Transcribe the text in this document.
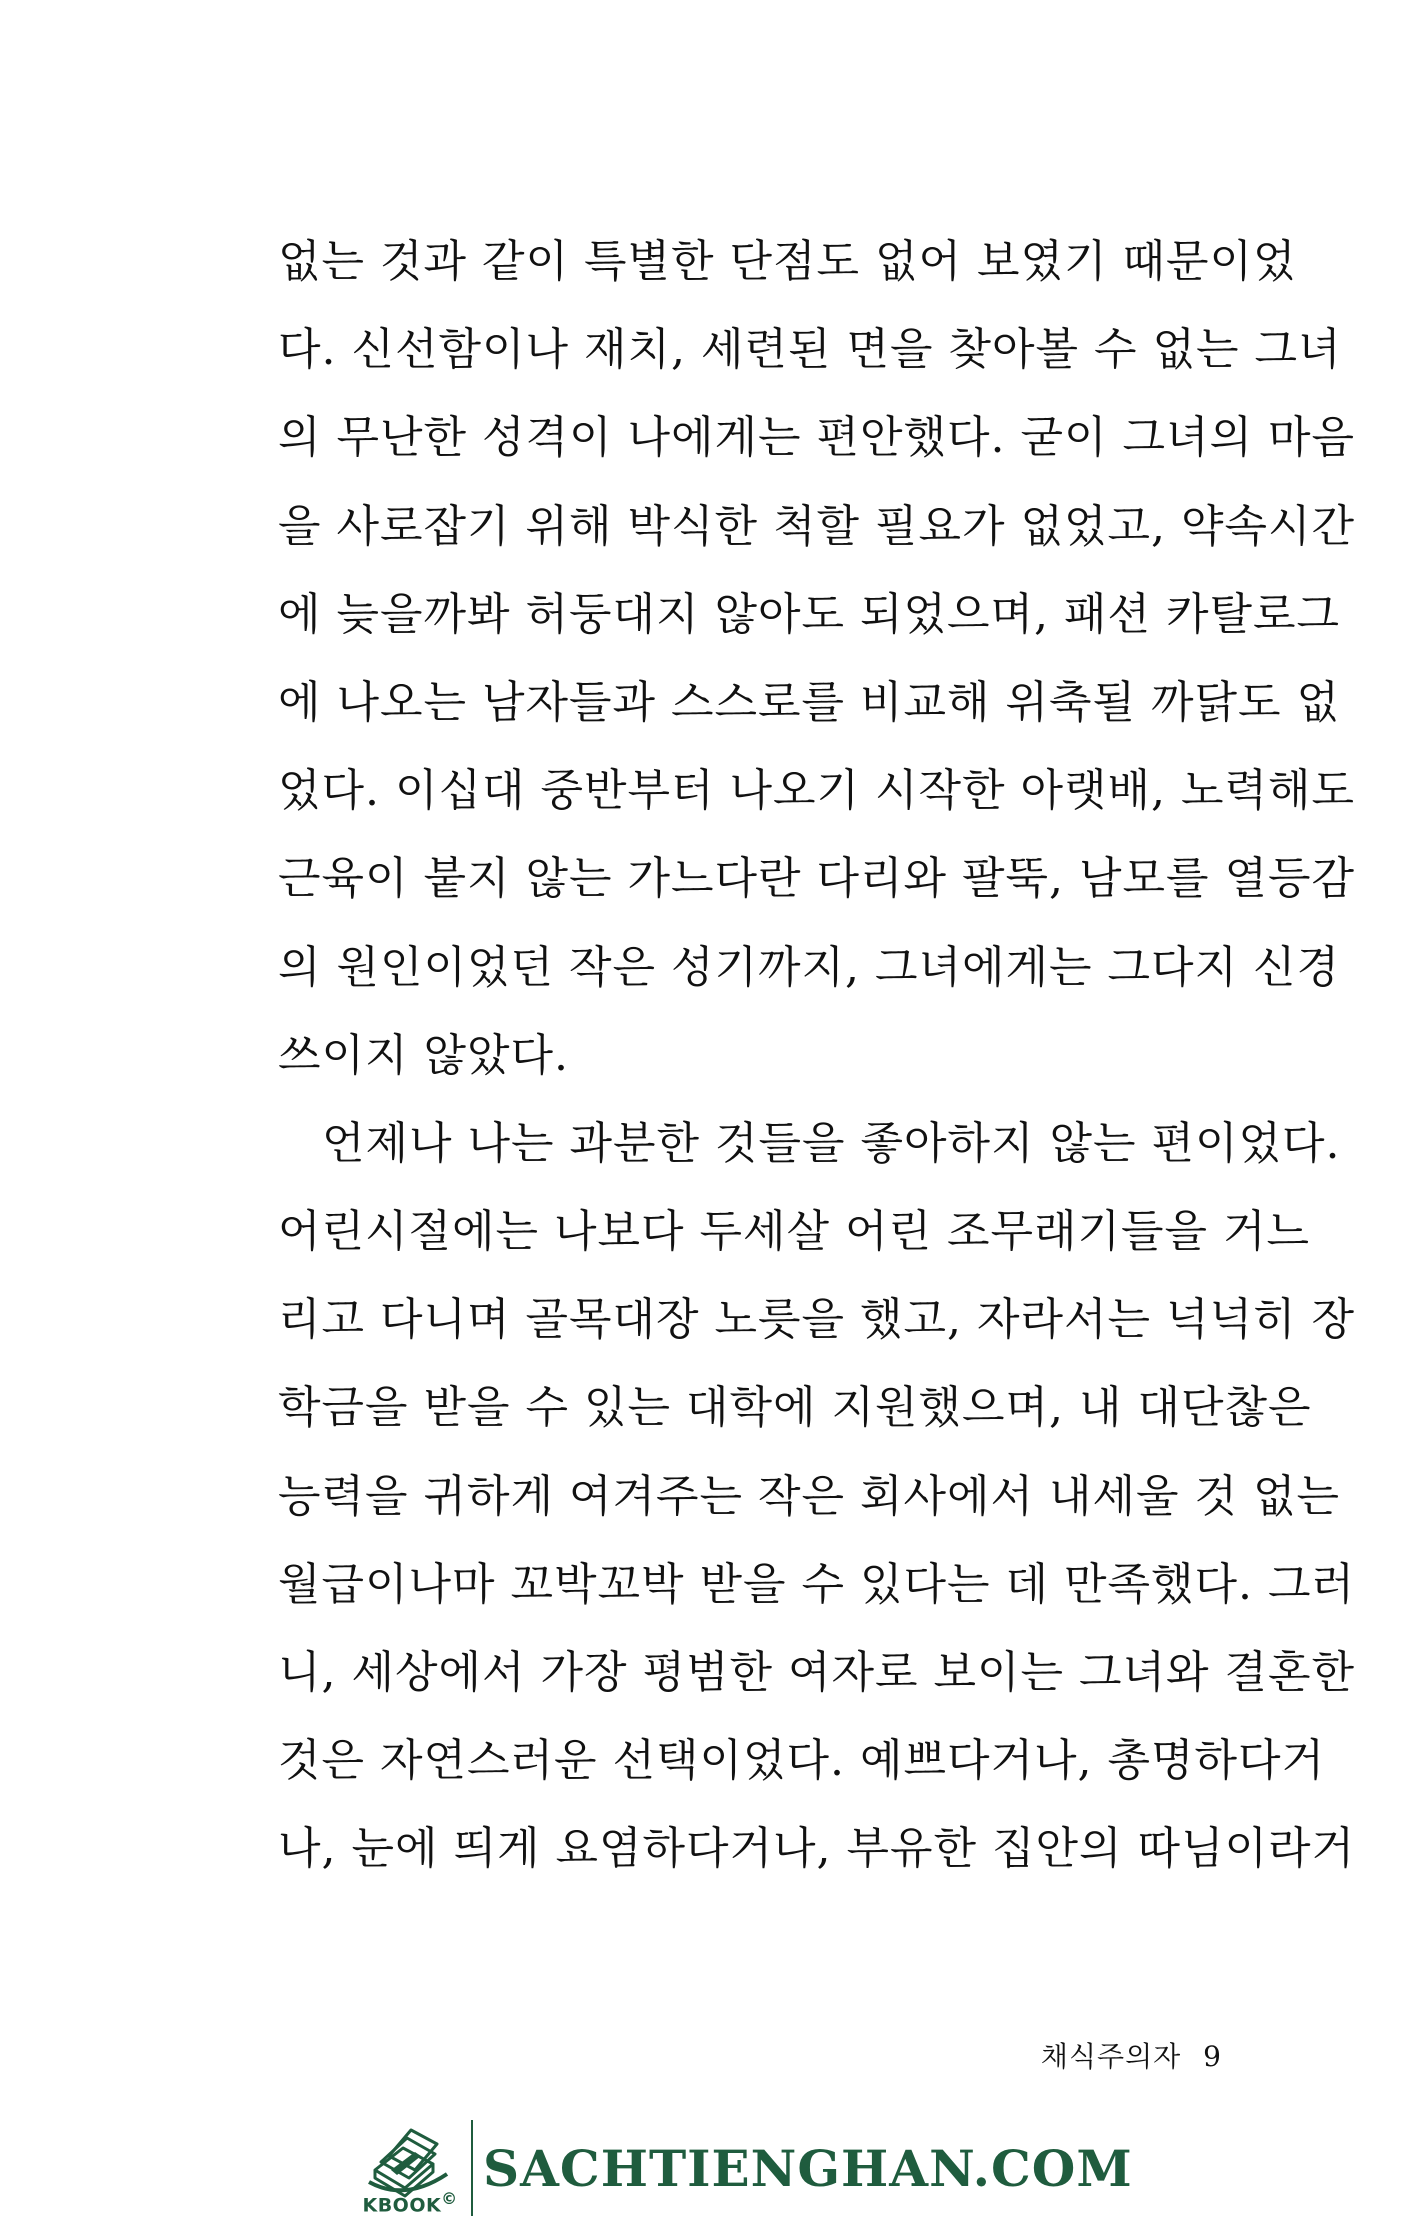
없는 것과 같이 특별한 단점도 없어 보였기 때문이었
다. 신선함이나 재치, 세련된 면을 찾아볼 수 없는 그녀
의 무난한 성격이 나에게는 편안했다. 굳이 그녀의 마음
을 사로잡기 위해 박식한 척할 필요가 없었고, 약속시간
에 늦을까봐 허둥대지 않아도 되었으며, 패션 카탈로그
에 나오는 남자들과 스스로를 비교해 위축될 까닭도 없
었다. 이십대 중반부터 나오기 시작한 아랫배, 노력해도
근육이 붙지 않는 가느다란 다리와 팔뚝, 남모를 열등감
의 원인이었던 작은 성기까지, 그녀에게는 그다지 신경
쓰이지 않았다.
언제나 나는 과분한 것들을 좋아하지 않는 편이었다.
어린시절에는 나보다 두세살 어린 조무래기들을 거느
리고 다니며 골목대장 노릇을 했고, 자라서는 넉넉히 장
학금을 받을 수 있는 대학에 지원했으며, 내 대단찮은
능력을 귀하게 여겨주는 작은 회사에서 내세울 것 없는
월급이나마 꼬박꼬박 받을 수 있다는 데 만족했다. 그러
니, 세상에서 가장 평범한 여자로 보이는 그녀와 결혼한
것은 자연스러운 선택이었다. 예쁘다거나, 총명하다거
나, 눈에 띄게 요염하다거나, 부유한 집안의 따님이라거
채식주의자 9
KBOOK©
SACHTIENGHAN.COM
